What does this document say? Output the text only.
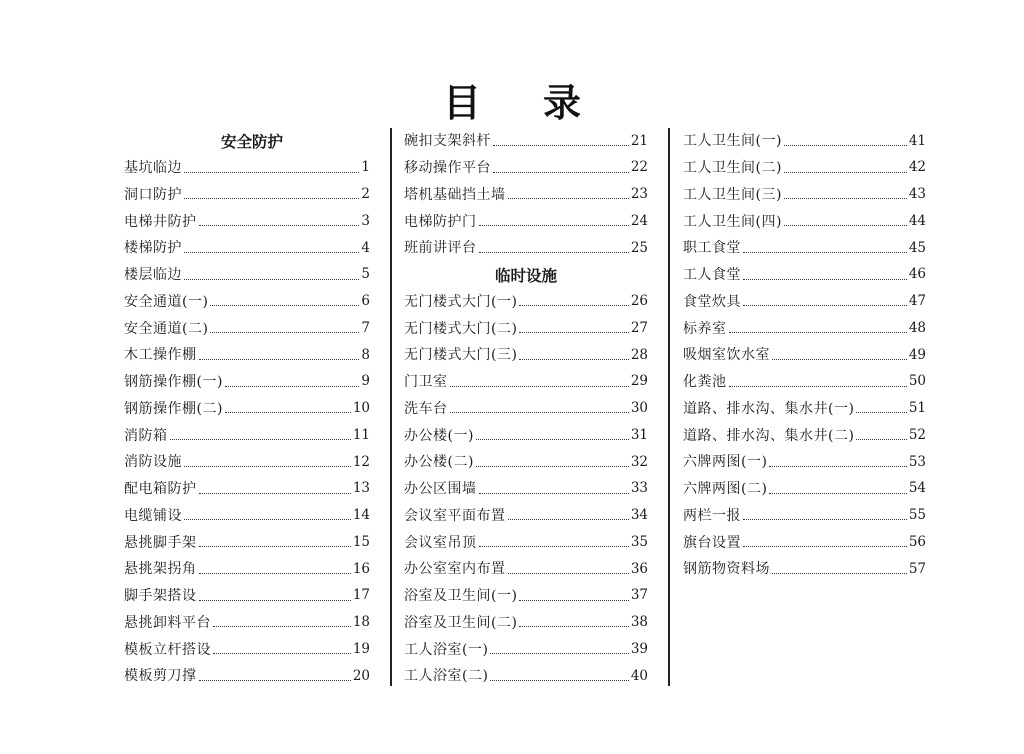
目 录
安全防护
基坑临边	1
洞口防护	2
电梯井防护	3
楼梯防护	4
楼层临边	5
安全通道(一)	6
安全通道(二)	7
木工操作棚	8
钢筋操作棚(一)	9
钢筋操作棚(二)	10
消防箱	11
消防设施	12
配电箱防护	13
电缆铺设	14
悬挑脚手架	15
悬挑架拐角	16
脚手架搭设	17
悬挑卸料平台	18
模板立杆搭设	19
模板剪刀撑	20
碗扣支架斜杆	21
移动操作平台	22
塔机基础挡土墙	23
电梯防护门	24
班前讲评台	25
临时设施
无门楼式大门(一)	26
无门楼式大门(二)	27
无门楼式大门(三)	28
门卫室	29
洗车台	30
办公楼(一)	31
办公楼(二)	32
办公区围墙	33
会议室平面布置	34
会议室吊顶	35
办公室室内布置	36
浴室及卫生间(一)	37
浴室及卫生间(二)	38
工人浴室(一)	39
工人浴室(二)	40
工人卫生间(一)	41
工人卫生间(二)	42
工人卫生间(三)	43
工人卫生间(四)	44
职工食堂	45
工人食堂	46
食堂炊具	47
标养室	48
吸烟室饮水室	49
化粪池	50
道路、排水沟、集水井(一)	51
道路、排水沟、集水井(二)	52
六牌两图(一)	53
六牌两图(二)	54
两栏一报	55
旗台设置	56
钢筋物资料场	57
